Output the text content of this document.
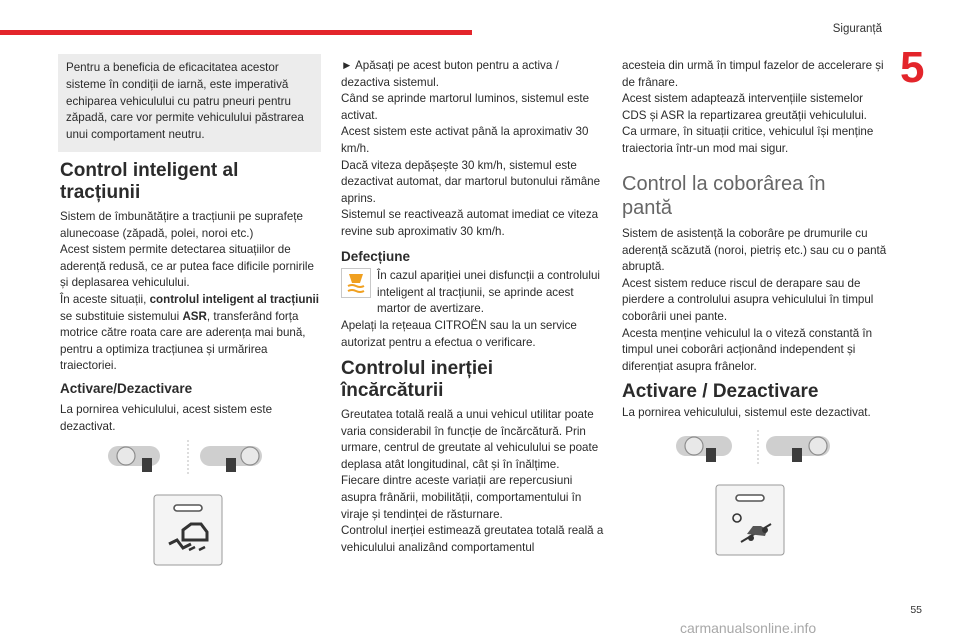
Siguranță
5
55
carmanualsonline.info

Pentru a beneficia de eficacitatea acestor sisteme în condiții de iarnă, este imperativă echiparea vehiculului cu patru pneuri pentru zăpadă, care vor permite vehiculului păstrarea unui comportament neutru.

Control inteligent al tracțiunii

Sistem de îmbunătățire a tracțiunii pe suprafețe alunecoase (zăpadă, polei, noroi etc.)

Acest sistem permite detectarea situațiilor de aderență redusă, ce ar putea face dificile pornirile și deplasarea vehiculului.

În aceste situații, controlul inteligent al tracțiunii se substituie sistemului ASR, transferând forța motrice către roata care are aderența mai bună, pentru a optimiza tracțiunea și urmărirea traiectoriei.

Activare/Dezactivare
La pornirea vehiculului, acest sistem este dezactivat.

► Apăsați pe acest buton pentru a activa / dezactiva sistemul.

Când se aprinde martorul luminos, sistemul este activat.

Acest sistem este activat până la aproximativ 30 km/h.

Dacă viteza depășește 30 km/h, sistemul este dezactivat automat, dar martorul butonului rămâne aprins.

Sistemul se reactivează automat imediat ce viteza revine sub aproximativ 30 km/h.

Defecțiune
În cazul apariției unei disfuncții a controlului inteligent al tracțiunii, se aprinde acest martor de avertizare.
Apelați la rețeaua CITROËN sau la un service autorizat pentru a efectua o verificare.
Controlul inerției încărcăturii

Greutatea totală reală a unui vehicul utilitar poate varia considerabil în funcție de încărcătură. Prin urmare, centrul de greutate al vehiculului se poate deplasa atât longitudinal, cât și în înălțime.

Fiecare dintre aceste variații are repercusiuni asupra frânării, mobilității, comportamentului în viraje și tendinței de răsturnare.

Controlul inerției estimează greutatea totală reală a vehiculului analizând comportamentul

acesteia din urmă în timpul fazelor de accelerare și de frânare.

Acest sistem adaptează intervențiile sistemelor CDS și ASR la repartizarea greutății vehiculului.

Ca urmare, în situații critice, vehiculul își menține traiectoria într-un mod mai sigur.

Control la coborârea în pantă

Sistem de asistență la coborâre pe drumurile cu aderență scăzută (noroi, pietriș etc.) sau cu o pantă abruptă.

Acest sistem reduce riscul de derapare sau de pierdere a controlului asupra vehiculului în timpul coborârii unei pante.

Acesta menține vehiculul la o viteză constantă în timpul unei coborâri acționând independent și diferențiat asupra frânelor.

Activare / Dezactivare
La pornirea vehiculului, sistemul este dezactivat.
